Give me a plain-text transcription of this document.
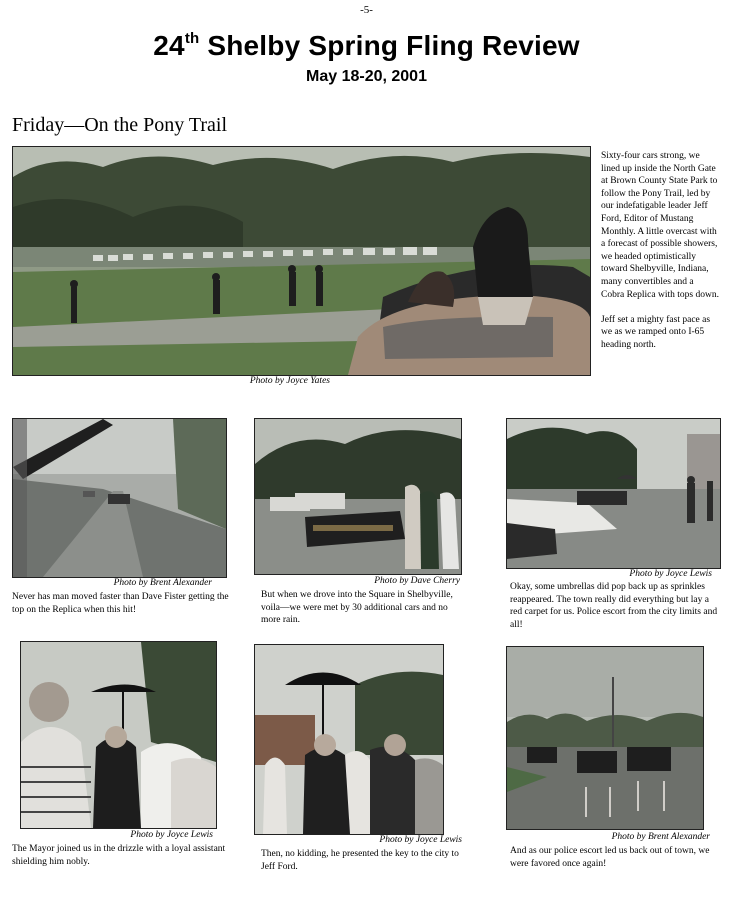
-5-
24th Shelby Spring Fling Review
May 18-20, 2001
Friday—On the Pony Trail
Photo by Joyce Yates

Sixty-four cars strong, we lined up inside the North Gate at Brown County State Park to follow the Pony Trail, led by our indefatigable leader Jeff Ford, Editor of Mustang Monthly. A little overcast with a forecast of possible showers, we headed optimistically toward Shelbyville, Indiana, many convertibles and a Cobra Replica with tops down.

Jeff set a mighty fast pace as we as we ramped onto I-65 heading north.

Photo by Brent Alexander
Never has man moved faster than Dave Fister getting the top on the Replica when this hit!
Photo by Dave Cherry
But when we drove into the Square in Shelbyville, voila—we were met by 30 additional cars and no more rain.
Photo by Joyce Lewis
Okay, some umbrellas did pop back up as sprinkles reappeared. The town really did everything but lay a red carpet for us. Police escort from the city limits and all!
Photo by Joyce Lewis
The Mayor joined us in the drizzle with a loyal assistant shielding him nobly.
Photo by Joyce Lewis
Then, no kidding, he presented the key to the city to Jeff Ford.
Photo by Brent Alexander
And as our police escort led us back out of town, we were favored once again!
